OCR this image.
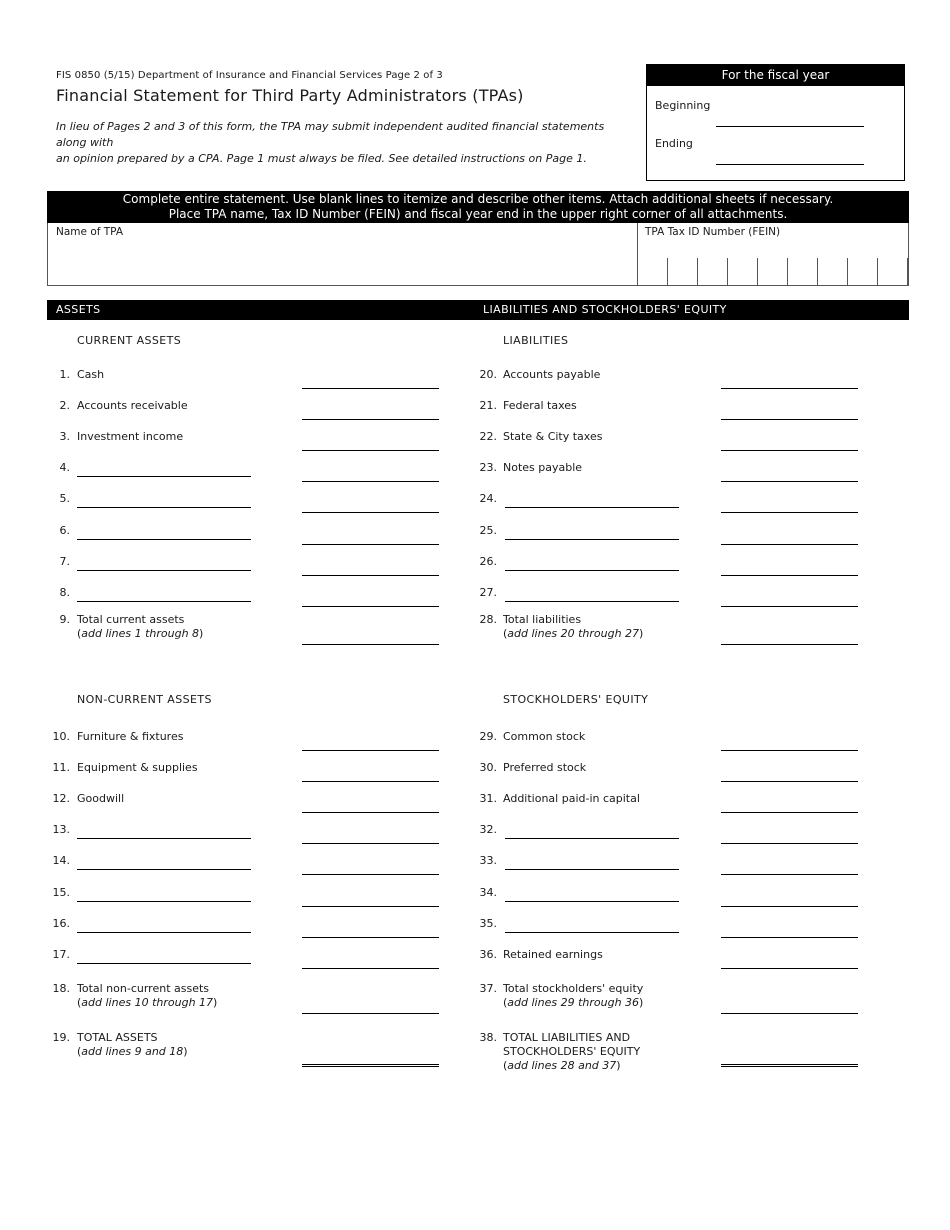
FIS 0850 (5/15) Department of Insurance and Financial Services Page 2 of 3
Financial Statement for Third Party Administrators (TPAs)
In lieu of Pages 2 and 3 of this form, the TPA may submit independent audited financial statements along with
an opinion prepared by a CPA. Page 1 must always be filed. See detailed instructions on Page 1.
For the fiscal year
Beginning
Ending
Complete entire statement. Use blank lines to itemize and describe other items. Attach additional sheets if necessary.
Place TPA name, Tax ID Number (FEIN) and fiscal year end in the upper right corner of all attachments.
Name of TPA	TPA Tax ID Number (FEIN)
ASSETS	LIABILITIES AND STOCKHOLDERS' EQUITY
CURRENT ASSETS	LIABILITIES
NON-CURRENT ASSETS	STOCKHOLDERS' EQUITY
1. Cash
2. Accounts receivable
3. Investment income
4.
5.
6.
7.
8.
9. Total current assets
(add lines 1 through 8)
10. Furniture & fixtures
11. Equipment & supplies
12. Goodwill
13.
14.
15.
16.
17.
18. Total non-current assets
(add lines 10 through 17)
19. TOTAL ASSETS
(add lines 9 and 18)
20. Accounts payable
21. Federal taxes
22. State & City taxes
23. Notes payable
24.
25.
26.
27.
28. Total liabilities
(add lines 20 through 27)
29. Common stock
30. Preferred stock
31. Additional paid-in capital
32.
33.
34.
35.
36. Retained earnings
37. Total stockholders' equity
(add lines 29 through 36)
38. TOTAL LIABILITIES AND
STOCKHOLDERS' EQUITY
(add lines 28 and 37)
